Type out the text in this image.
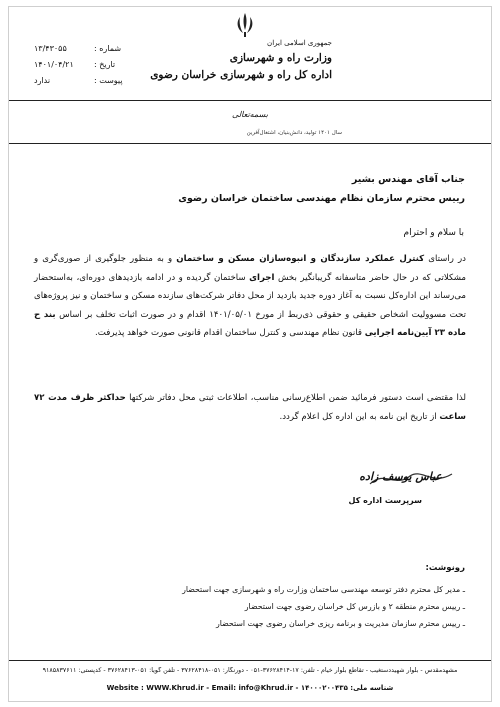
جمهوری اسلامی ایران
وزارت راه و شهرسازی
اداره کل راه و شهرسازی خراسان رضوی
شماره :
۱۳/۴۳۰۵۵
تاریخ :
۱۴۰۱/۰۴/۲۱
پیوست :
ندارد
بسمه‌تعالی
سال ۱۴۰۱ تولید، دانش‌بنیان، اشتغال‌آفرین
جناب آقای مهندس بشیر
رییس محترم سازمان نظام مهندسی ساختمان خراسان رضوی
با سلام و احترام
در راستای کنترل عملکرد سازندگان و انبوه‌سازان مسکن و ساختمان و به منظور جلوگیری از صوری‌گری و مشکلاتی که در حال حاضر متاسفانه گریبانگیر بخش اجرای ساختمان گردیده و در ادامه بازدیدهای دوره‌ای، به‌استحضار می‌رساند این اداره‌کل نسبت به آغاز دوره جدید بازدید از محل دفاتر شرکت‌های سازنده مسکن و ساختمان و نیز پروژه‌های تحت مسوولیت اشخاص حقیقی و حقوقی ذی‌ربط از مورخ ۱۴۰۱/۰۵/۰۱ اقدام و در صورت اثبات تخلف بر اساس بند ح ماده ۲۳ آیین‌نامه اجرایی قانون نظام مهندسی و کنترل ساختمان اقدام قانونی صورت خواهد پذیرفت.
لذا مقتضی است دستور فرمائید ضمن اطلاع‌رسانی مناسب، اطلاعات ثبتی محل دفاتر شرکتها حداکثر ظرف مدت ۷۲ ساعت از تاریخ این نامه به این اداره کل اعلام گردد.
عباس یوسف زاده
سرپرست اداره کل
رونوشت:
ـ مدیر کل محترم دفتر توسعه مهندسی ساختمان وزارت راه و شهرسازی جهت استحضار
ـ رییس محترم منطقه ۲ و بازرس کل خراسان رضوی جهت استحضار
ـ رییس محترم سازمان مدیریت و برنامه ریزی خراسان رضوی جهت استحضار
مشهدمقدس - بلوار شهیددستغیب - تقاطع بلوار خیام - تلفن: ۱۷-۳۷۶۲۸۴۱۴-۰۵۱ - دورنگار: ۰۵۱-۳۷۶۲۸۴۱۸ - تلفن گویا: ۰۵۱-۳۷۶۲۸۴۱۳ - کدپستی: ۹۱۸۵۸۳۷۶۱۱
Website : WWW.Khrud.ir - Email: info@Khrud.ir - شناسه ملی: ۱۴۰۰۰۲۰۰۴۳۵
